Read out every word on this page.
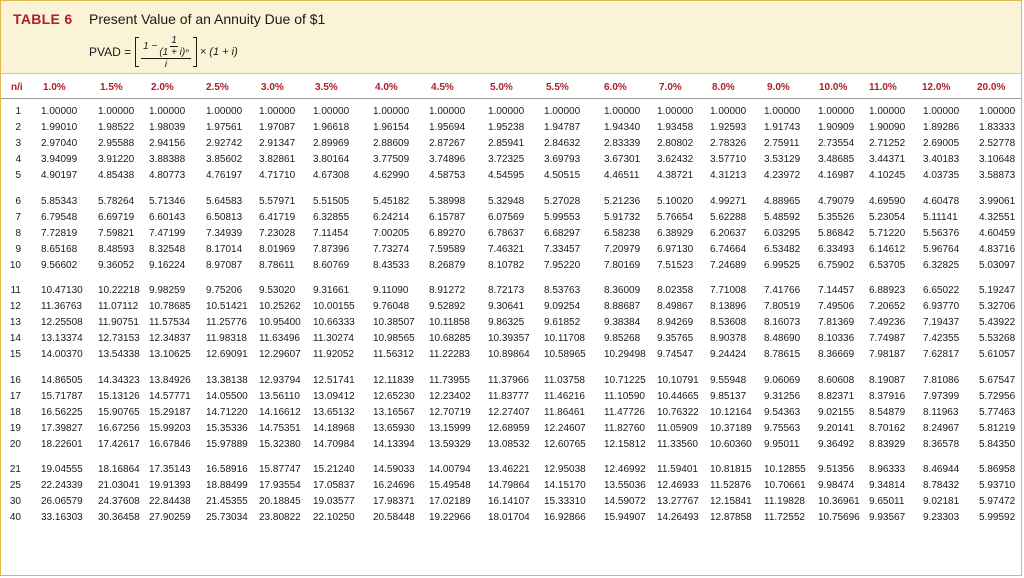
TABLE 6 Present Value of an Annuity Due of $1
PVAD = $\frac{1 - \frac{1}{\text{(1 + i)ⁿ}}}{i} \times (1 + i)$
n/i 1.0%	1.5%	2.0%	2.5%	3.0%	3.5%	4.0%	4.5%	5.0%	5.5%	6.0%	7.0%	8.0%	9.0%	10.0% 11.0%	12.0%	20.0%
1 1.00000 1.00000 1.00000 1.00000 1.00000 1.00000 1.00000 1.00000 1.00000 1.00000 1.00000 1.00000 1.00000 1.00000 1.00000 1.00000 1.00000 1.00000
2 1.99010 1.98522 1.98039 1.97561 1.97087 1.96618 1.96154 1.95694 1.95238 1.94787 1.94340 1.93458 1.92593 1.91743 1.90909 1.90090 1.89286 1.83333
3 2.97040 2.95588 2.94156 2.92742 2.91347 2.89969 2.88609 2.87267 2.85941 2.84632 2.83339 2.80802 2.78326 2.75911 2.73554 2.71252 2.69005 2.52778
4 3.94099 3.91220 3.88388 3.85602 3.82861 3.80164 3.77509 3.74896 3.72325 3.69793 3.67301 3.62432 3.57710 3.53129 3.48685 3.44371 3.40183 3.10648
5 4.90197 4.85438 4.80773 4.76197 4.71710 4.67308 4.62990 4.58753 4.54595 4.50515 4.46511 4.38721 4.31213 4.23972 4.16987 4.10245 4.03735 3.58873
6 5.85343 5.78264 5.71346 5.64583 5.57971 5.51505 5.45182 5.38998 5.32948 5.27028 5.21236 5.10020 4.99271 4.88965 4.79079 4.69590 4.60478 3.99061
7 6.79548 6.69719 6.60143 6.50813 6.41719 6.32855 6.24214 6.15787 6.07569 5.99553 5.91732 5.76654 5.62288 5.48592 5.35526 5.23054 5.11141 4.32551
8 7.72819 7.59821 7.47199 7.34939 7.23028 7.11454 7.00205 6.89270 6.78637 6.68297 6.58238 6.38929 6.20637 6.03295 5.86842 5.71220 5.56376 4.60459
9 8.65168 8.48593 8.32548 8.17014 8.01969 7.87396 7.73274 7.59589 7.46321 7.33457 7.20979 6.97130 6.74664 6.53482 6.33493 6.14612 5.96764 4.83716
10 9.56602 9.36052 9.16224 8.97087 8.78611 8.60769 8.43533 8.26879 8.10782 7.95220 7.80169 7.51523 7.24689 6.99525 6.75902 6.53705 6.32825 5.03097
11 10.47130 10.22218 9.98259 9.75206 9.53020 9.31661 9.11090 8.91272 8.72173 8.53763 8.36009 8.02358 7.71008 7.41766 7.14457 6.88923 6.65022 5.19247
12 11.36763 11.07112 10.78685 10.51421 10.25262 10.00155 9.76048 9.52892 9.30641 9.09254 8.88687 8.49867 8.13896 7.80519 7.49506 7.20652 6.93770 5.32706
13 12.25508 11.90751 11.57534 11.25776 10.95400 10.66333 10.38507 10.11858 9.86325 9.61852 9.38384 8.94269 8.53608 8.16073 7.81369 7.49236 7.19437 5.43922
14 13.13374 12.73153 12.34837 11.98318 11.63496 11.30274 10.98565 10.68285 10.39357 10.11708 9.85268 9.35765 8.90378 8.48690 8.10336 7.74987 7.42355 5.53268
15 14.00370 13.54338 13.10625 12.69091 12.29607 11.92052 11.56312 11.22283 10.89864 10.58965 10.29498 9.74547 9.24424 8.78615 8.36669 7.98187 7.62817 5.61057
16 14.86505 14.34323 13.84926 13.38138 12.93794 12.51741 12.11839 11.73955 11.37966 11.03758 10.71225 10.10791 9.55948 9.06069 8.60608 8.19087 7.81086 5.67547
17 15.71787 15.13126 14.57771 14.05500 13.56110 13.09412 12.65230 12.23402 11.83777 11.46216 11.10590 10.44665 9.85137 9.31256 8.82371 8.37916 7.97399 5.72956
18 16.56225 15.90765 15.29187 14.71220 14.16612 13.65132 13.16567 12.70719 12.27407 11.86461 11.47726 10.76322 10.12164 9.54363 9.02155 8.54879 8.11963 5.77463
19 17.39827 16.67256 15.99203 15.35336 14.75351 14.18968 13.65930 13.15999 12.68959 12.24607 11.82760 11.05909 10.37189 9.75563 9.20141 8.70162 8.24967 5.81219
20 18.22601 17.42617 16.67846 15.97889 15.32380 14.70984 14.13394 13.59329 13.08532 12.60765 12.15812 11.33560 10.60360 9.95011 9.36492 8.83929 8.36578 5.84350
21 19.04555 18.16864 17.35143 16.58916 15.87747 15.21240 14.59033 14.00794 13.46221 12.95038 12.46992 11.59401 10.81815 10.12855 9.51356 8.96333 8.46944 5.86958
25 22.24339 21.03041 19.91393 18.88499 17.93554 17.05837 16.24696 15.49548 14.79864 14.15170 13.55036 12.46933 11.52876 10.70661 9.98474 9.34814 8.78432 5.93710
30 26.06579 24.37608 22.84438 21.45355 20.18845 19.03577 17.98371 17.02189 16.14107 15.33310 14.59072 13.27767 12.15841 11.19828 10.36961 9.65011 9.02181 5.97472
40 33.16303 30.36458 27.90259 25.73034 23.80822 22.10250 20.58448 19.22966 18.01704 16.92866 15.94907 14.26493 12.87858 11.72552 10.75696 9.93567 9.23303 5.99592
